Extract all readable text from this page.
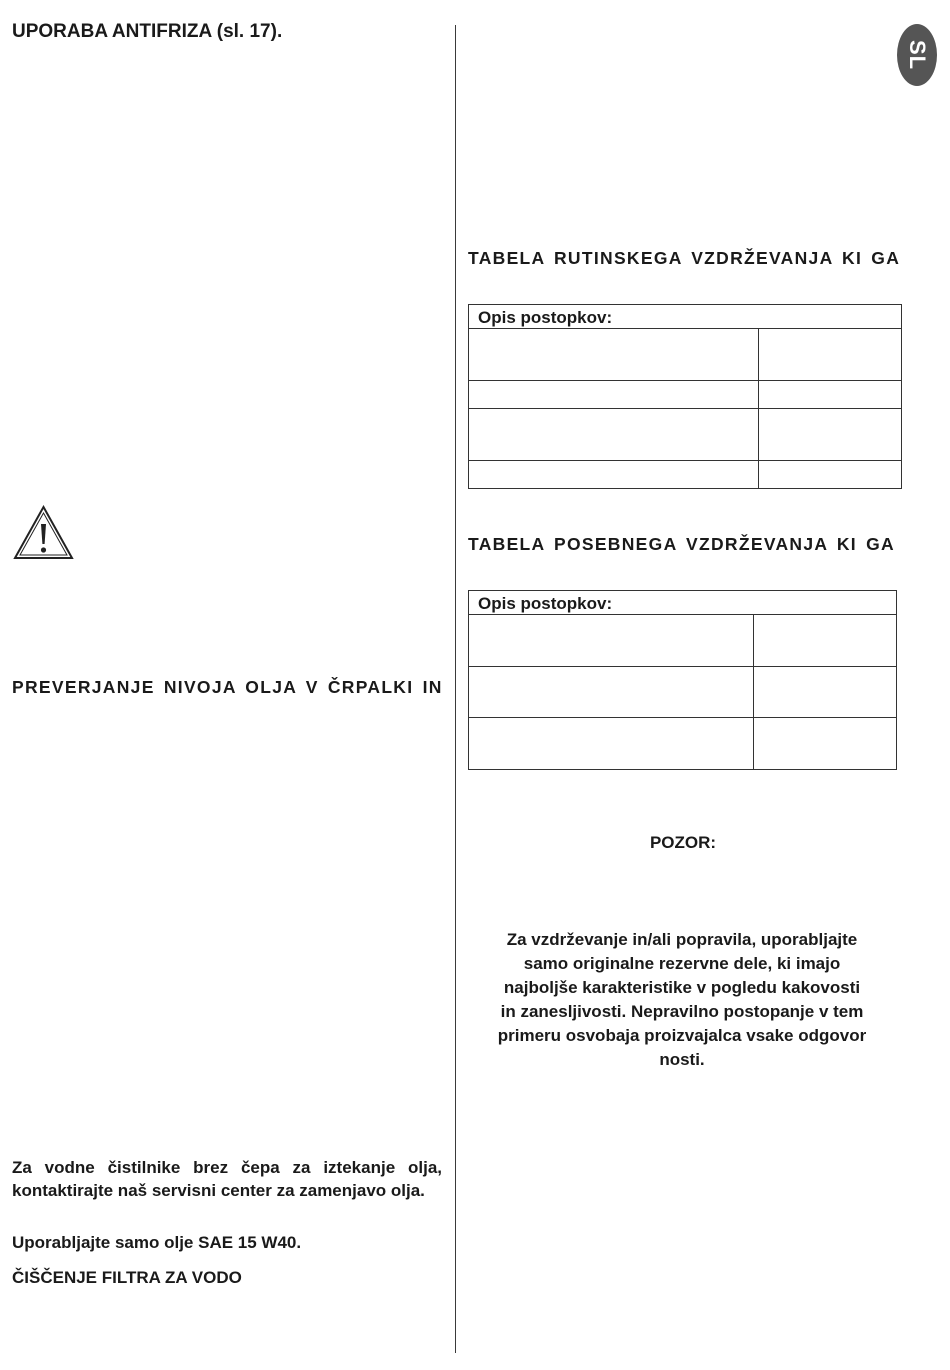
SL
UPORABA ANTIFRIZA (sl. 17).
PREVERJANJE NIVOJA OLJA V ČRPALKI IN
Za vodne čistilnike brez čepa za iztekanje olja, kontaktirajte naš servisni center za zamenjavo olja.
Uporabljajte samo olje SAE 15 W40.
ČIŠČENJE FILTRA ZA VODO
TABELA RUTINSKEGA VZDRŽEVANJA KI GA
Opis postopkov:	

TABELA POSEBNEGA VZDRŽEVANJA KI GA
Opis postopkov:	

POZOR:
Za vzdrževanje in/ali popravila, uporabljajte
samo originalne rezervne dele, ki imajo
najboljše karakteristike v pogledu kakovosti
in zanesljivosti. Nepravilno postopanje v tem
primeru osvobaja proizvajalca vsake odgovor
nosti.
